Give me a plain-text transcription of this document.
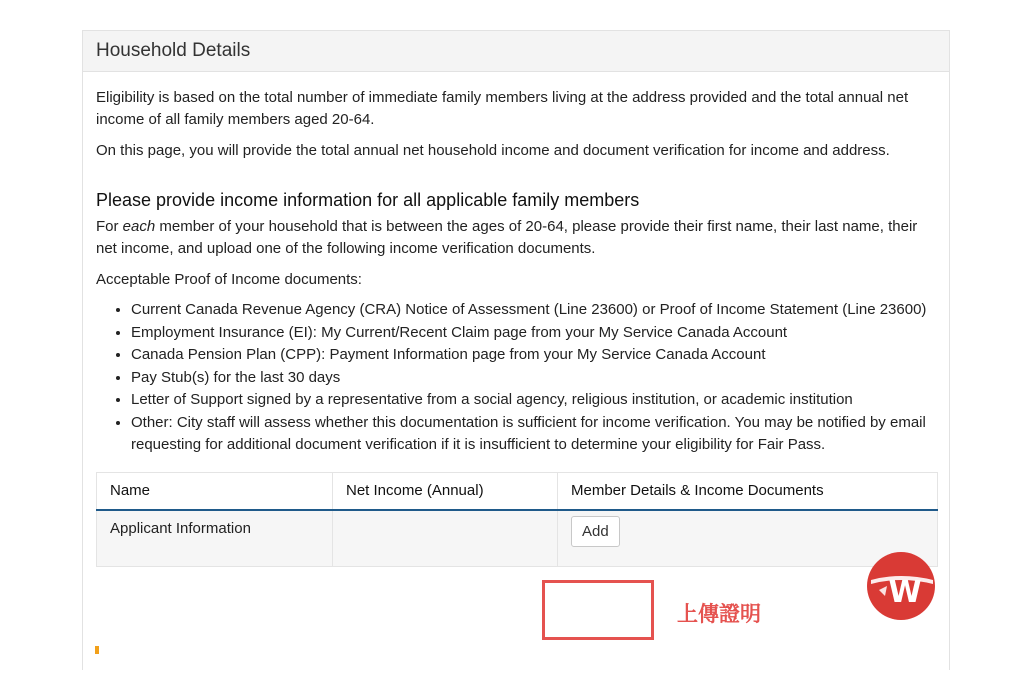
Household Details

Eligibility is based on the total number of immediate family members living at the address provided and the total annual net income of all family members aged 20-64.

On this page, you will provide the total annual net household income and document verification for income and address.

Please provide income information for all applicable family members

For each member of your household that is between the ages of 20-64, please provide their first name, their last name, their net income, and upload one of the following income verification documents.

Acceptable Proof of Income documents:

• Current Canada Revenue Agency (CRA) Notice of Assessment (Line 23600) or Proof of Income Statement (Line 23600)
• Employment Insurance (EI): My Current/Recent Claim page from your My Service Canada Account
• Canada Pension Plan (CPP): Payment Information page from your My Service Canada Account
• Pay Stub(s) for the last 30 days
• Letter of Support signed by a representative from a social agency, religious institution, or academic institution
• Other: City staff will assess whether this documentation is sufficient for income verification. You may be notified by email requesting for additional document verification if it is insufficient to determine your eligibility for Fair Pass.
Name	Net Income (Annual)	Member Details & Income Documents
Applicant Information		Add
上傳證明
W
